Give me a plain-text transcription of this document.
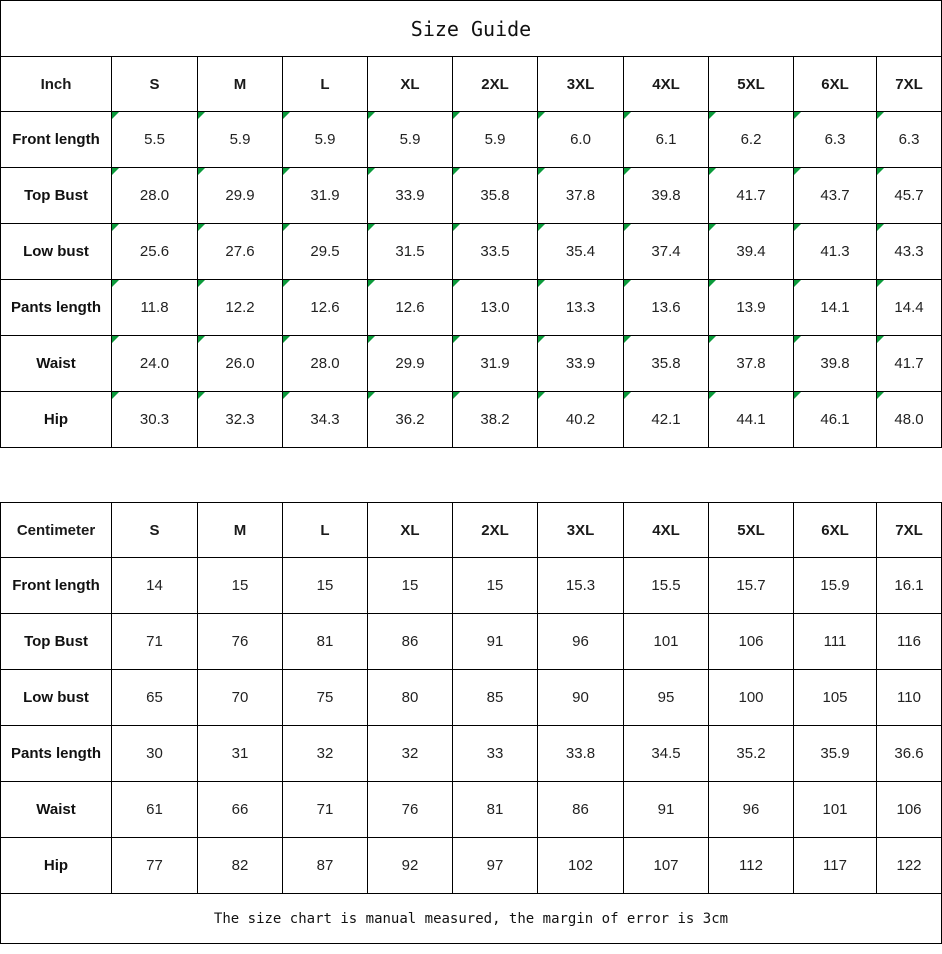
Size Guide
Inch	S	M	L	XL	2XL	3XL	4XL	5XL	6XL	7XL
Front length	5.5	5.9	5.9	5.9	5.9	6.0	6.1	6.2	6.3	6.3
Top Bust	28.0	29.9	31.9	33.9	35.8	37.8	39.8	41.7	43.7	45.7
Low bust	25.6	27.6	29.5	31.5	33.5	35.4	37.4	39.4	41.3	43.3
Pants length	11.8	12.2	12.6	12.6	13.0	13.3	13.6	13.9	14.1	14.4
Waist	24.0	26.0	28.0	29.9	31.9	33.9	35.8	37.8	39.8	41.7
Hip	30.3	32.3	34.3	36.2	38.2	40.2	42.1	44.1	46.1	48.0
Centimeter	S	M	L	XL	2XL	3XL	4XL	5XL	6XL	7XL
Front length	14	15	15	15	15	15.3	15.5	15.7	15.9	16.1
Top Bust	71	76	81	86	91	96	101	106	111	116
Low bust	65	70	75	80	85	90	95	100	105	110
Pants length	30	31	32	32	33	33.8	34.5	35.2	35.9	36.6
Waist	61	66	71	76	81	86	91	96	101	106
Hip	77	82	87	92	97	102	107	112	117	122
The size chart is manual measured, the margin of error is 3cm
